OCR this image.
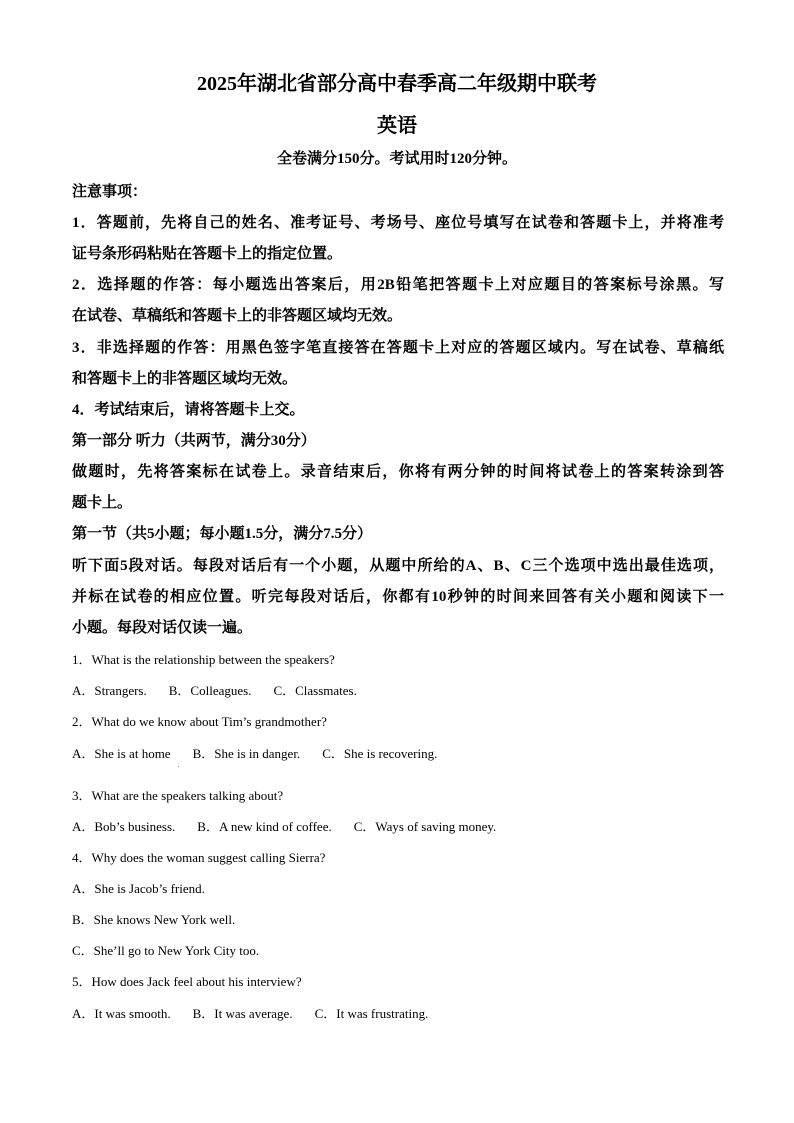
2025年湖北省部分高中春季高二年级期中联考
英语
全卷满分150分。考试用时120分钟。
注意事项：
1．答题前，先将自己的姓名、准考证号、考场号、座位号填写在试卷和答题卡上，并将准考
证号条形码粘贴在答题卡上的指定位置。
2．选择题的作答：每小题选出答案后，用2B铅笔把答题卡上对应题目的答案标号涂黑。写
在试卷、草稿纸和答题卡上的非答题区域均无效。
3．非选择题的作答：用黑色签字笔直接答在答题卡上对应的答题区域内。写在试卷、草稿纸
和答题卡上的非答题区域均无效。
4．考试结束后，请将答题卡上交。
第一部分 听力（共两节，满分30分）
做题时，先将答案标在试卷上。录音结束后，你将有两分钟的时间将试卷上的答案转涂到答
题卡上。
第一节（共5小题；每小题1.5分，满分7.5分）
听下面5段对话。每段对话后有一个小题，从题中所给的A、B、C三个选项中选出最佳选项，
并标在试卷的相应位置。听完每段对话后，你都有10秒钟的时间来回答有关小题和阅读下一
小题。每段对话仅读一遍。
1．What is the relationship between the speakers?
A．Strangers. B．Colleagues. C．Classmates.
2．What do we know about Tim’s grandmother?
A．She is at home B．She is in danger. C．She is recovering.
3．What are the speakers talking about?
A．Bob’s business. B．A new kind of coffee. C．Ways of saving money.
4．Why does the woman suggest calling Sierra?
A．She is Jacob’s friend.
B．She knows New York well.
C．She’ll go to New York City too.
5．How does Jack feel about his interview?
A．It was smooth. B．It was average. C．It was frustrating.
